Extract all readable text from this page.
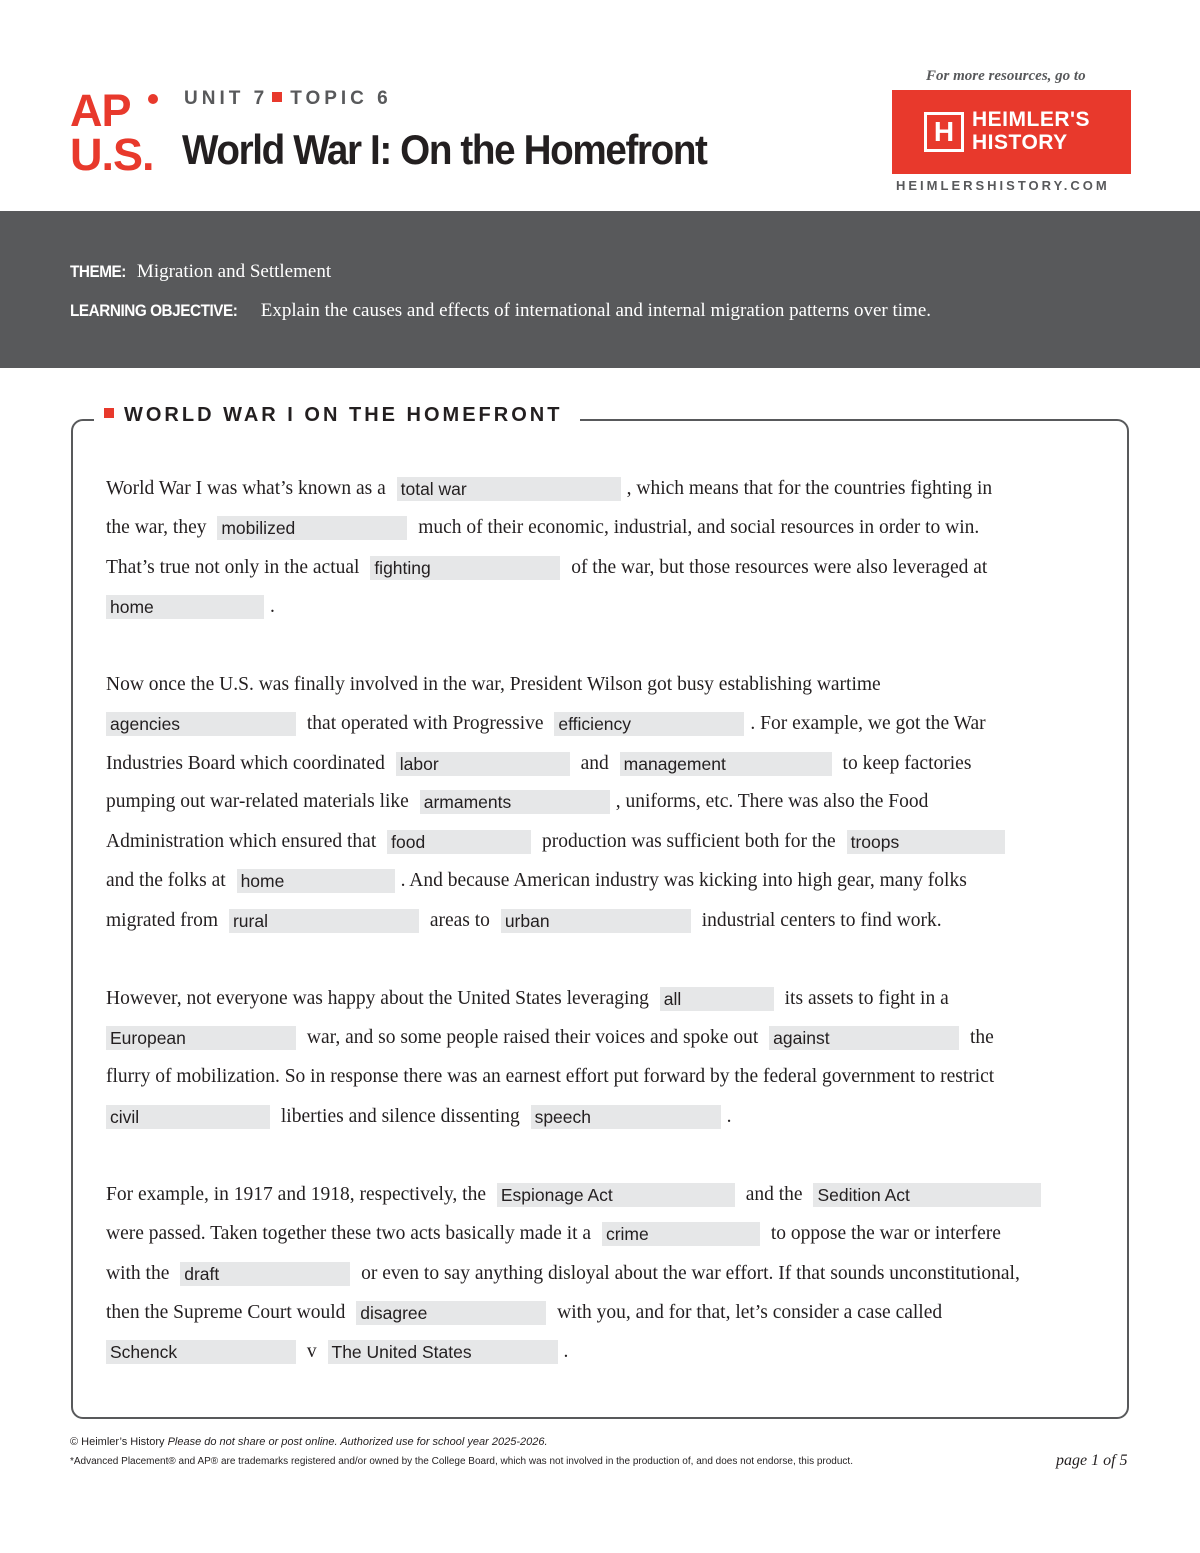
AP
U.S.
UNIT 7 TOPIC 6
World War I: On the Homefront
For more resources, go to
H HEIMLER'S
HISTORY
HEIMLERSHISTORY.COM
THEME: Migration and Settlement
LEARNING OBJECTIVE: Explain the causes and effects of international and internal migration patterns over time.
WORLD WAR I ON THE HOMEFRONT
World War I was what’s known as a total war	, which means that for the countries fighting in
the war, they mobilized	much of their economic, industrial, and social resources in order to win.
That’s true not only in the actual fighting	of the war, but those resources were also leveraged at
home	.
Now once the U.S. was finally involved in the war, President Wilson got busy establishing wartime
agencies	that operated with Progressive efficiency	. For example, we got the War
Industries Board which coordinated labor	and management	to keep factories
pumping out war-related materials like armaments	, uniforms, etc. There was also the Food
Administration which ensured that food	production was sufficient both for the troops
and the folks at home	. And because American industry was kicking into high gear, many folks
migrated from rural	areas to urban	industrial centers to find work.
However, not everyone was happy about the United States leveraging all	its assets to fight in a
European	war, and so some people raised their voices and spoke out against	the
flurry of mobilization. So in response there was an earnest effort put forward by the federal government to restrict
civil	liberties and silence dissenting speech	.
For example, in 1917 and 1918, respectively, the Espionage Act	and the Sedition Act
were passed. Taken together these two acts basically made it a crime	to oppose the war or interfere
with the draft	or even to say anything disloyal about the war effort. If that sounds unconstitutional,
then the Supreme Court would disagree	with you, and for that, let’s consider a case called
Schenck	v The United States	.
© Heimler’s History Please do not share or post online. Authorized use for school year 2025-2026.
*Advanced Placement® and AP® are trademarks registered and/or owned by the College Board, which was not involved in the production of, and does not endorse, this product.	page 1 of 5
